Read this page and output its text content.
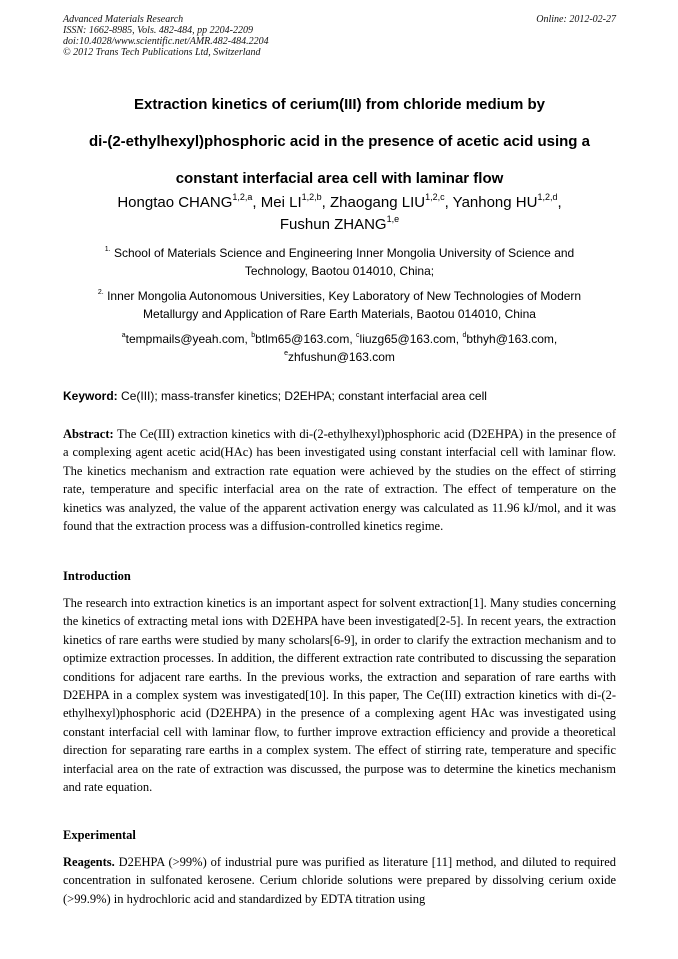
Advanced Materials Research	Online: 2012-02-27
ISSN: 1662-8985, Vols. 482-484, pp 2204-2209
doi:10.4028/www.scientific.net/AMR.482-484.2204
© 2012 Trans Tech Publications Ltd, Switzerland
Extraction kinetics of cerium(III) from chloride medium by
di-(2-ethylhexyl)phosphoric acid in the presence of acetic acid using a
constant interfacial area cell with laminar flow
Hongtao CHANG$^{1,2,a}$, Mei LI$^{1,2,b}$, Zhaogang LIU$^{1,2,c}$, Yanhong HU$^{1,2,d}$,
Fushun ZHANG$^{1,e}$
$^{1.}$ School of Materials Science and Engineering Inner Mongolia University of Science and Technology, Baotou 014010, China;
$^{2.}$ Inner Mongolia Autonomous Universities, Key Laboratory of New Technologies of Modern Metallurgy and Application of Rare Earth Materials, Baotou 014010, China
$^a$tempmails@yeah.com, $^b$btlm65@163.com, $^c$liuzg65@163.com, $^d$bthyh@163.com,
$^e$zhfushun@163.com
Keyword: Ce(III); mass-transfer kinetics; D2EHPA; constant interfacial area cell
Abstract: The Ce(III) extraction kinetics with di-(2-ethylhexyl)phosphoric acid (D2EHPA) in the presence of a complexing agent acetic acid(HAc) has been investigated using constant interfacial cell with laminar flow. The kinetics mechanism and extraction rate equation were achieved by the studies on the effect of stirring rate, temperature and specific interfacial area on the rate of extraction. The effect of temperature on the kinetics was analyzed, the value of the apparent activation energy was calculated as 11.96 kJ/mol, and it was found that the extraction process was a diffusion-controlled kinetics regime.
Introduction
The research into extraction kinetics is an important aspect for solvent extraction[1]. Many studies concerning the kinetics of extracting metal ions with D2EHPA have been investigated[2-5]. In recent years, the extraction kinetics of rare earths were studied by many scholars[6-9], in order to clarify the extraction mechanism and to optimize extraction processes. In addition, the different extraction rate contributed to discussing the separation conditions for adjacent rare earths. In the previous works, the extraction and separation of rare earths with D2EHPA in a complex system was investigated[10]. In this paper, The Ce(III) extraction kinetics with di-(2-ethylhexyl)phosphoric acid (D2EHPA) in the presence of a complexing agent HAc was investigated using constant interfacial cell with laminar flow, to further improve extraction efficiency and provide a theoretical direction for separating rare earths in a complex system. The effect of stirring rate, temperature and specific interfacial area on the rate of extraction was discussed, the purpose was to determine the kinetics mechanism and rate equation.
Experimental
Reagents. D2EHPA (>99%) of industrial pure was purified as literature [11] method, and diluted to required concentration in sulfonated kerosene. Cerium chloride solutions were prepared by dissolving cerium oxide (>99.9%) in hydrochloric acid and standardized by EDTA titration using
